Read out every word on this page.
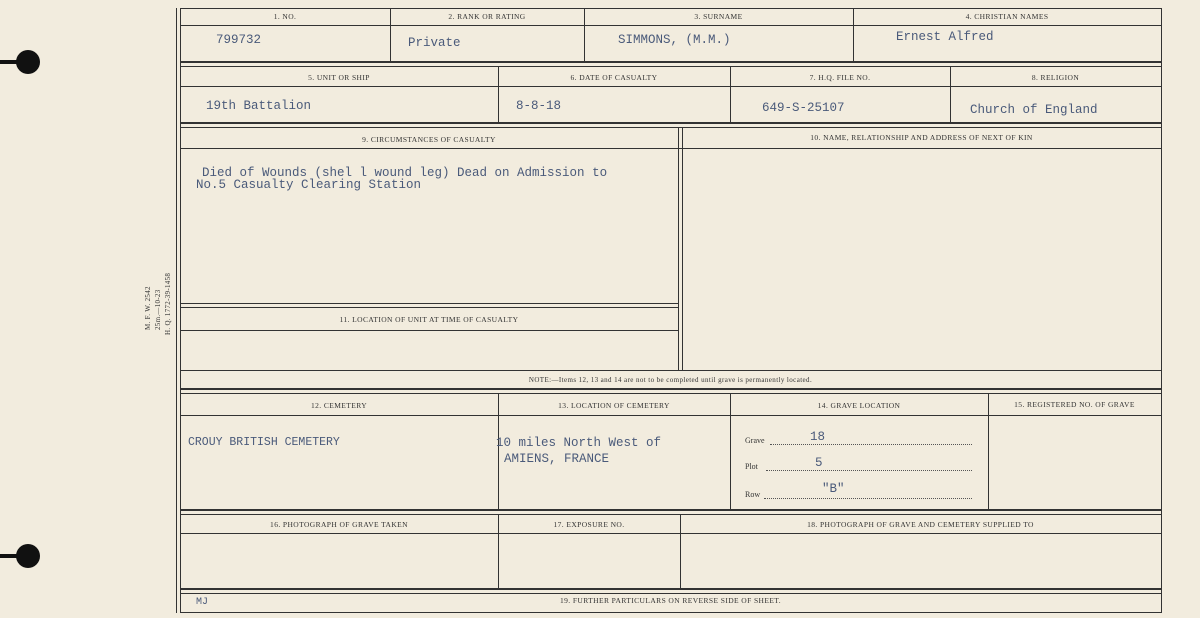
M. F. W. 2542 25m.—10-23 H. Q. 1772-39-1458
1. NO.	2. RANK OR RATING	3. SURNAME	4. CHRISTIAN NAMES
799732	Private	SIMMONS, (M.M.)	Ernest Alfred
5. UNIT OR SHIP	6. DATE OF CASUALTY	7. H.Q. FILE NO.	8. RELIGION
19th Battalion	8-8-18	649-S-25107	Church of England
9. CIRCUMSTANCES OF CASUALTY	10. NAME, RELATIONSHIP AND ADDRESS OF NEXT OF KIN
Died of Wounds (shel l wound leg) Dead on Admission to
No.5 Casualty Clearing Station
11. LOCATION OF UNIT AT TIME OF CASUALTY
NOTE:—Items 12, 13 and 14 are not to be completed until grave is permanently located.
12. CEMETERY	13. LOCATION OF CEMETERY	14. GRAVE LOCATION	15. REGISTERED NO. OF GRAVE
CROUY BRITISH CEMETERY	10 miles North West of
AMIENS, FRANCE
Grave	18
Plot	5
Row	"B"
16. PHOTOGRAPH OF GRAVE TAKEN	17. EXPOSURE NO.	18. PHOTOGRAPH OF GRAVE AND CEMETERY SUPPLIED TO
19. FURTHER PARTICULARS ON REVERSE SIDE OF SHEET.
MJ
